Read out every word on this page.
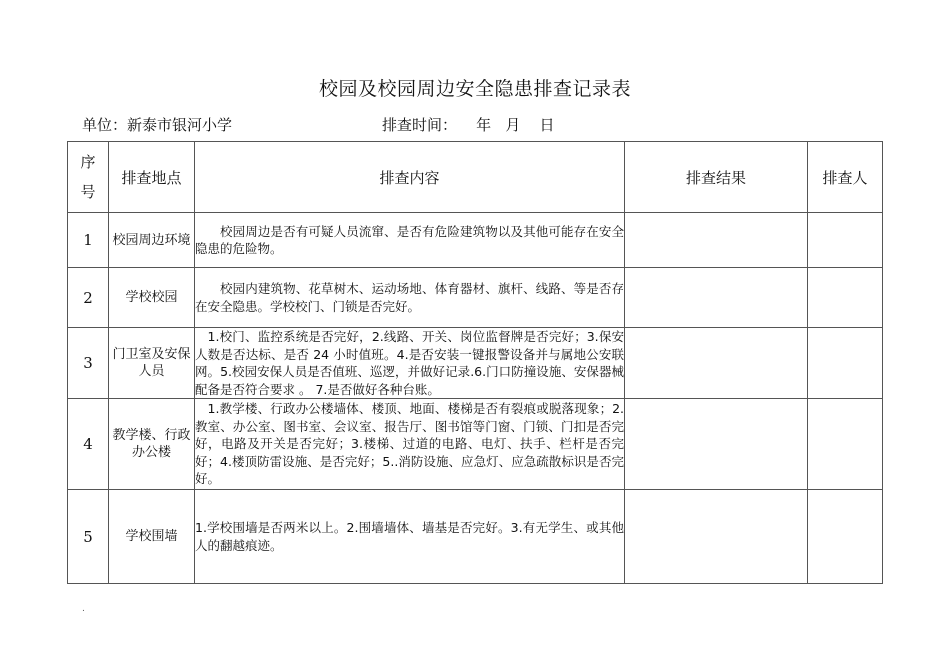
校园及校园周边安全隐患排查记录表
单位：新泰市银河小学	排查时间：    年   月    日
序
号	排查地点	排查内容	排查结果	排查人
1	校园周边环境	校园周边是否有可疑人员流窜、是否有危险建筑物以及其他可能存在安全隐患的危险物。		
2	学校校园	校园内建筑物、花草树木、运动场地、体育器材、旗杆、线路、等是否存在安全隐患。学校校门、门锁是否完好。		
3	门卫室及安保人员	1.校门、监控系统是否完好，2.线路、开关、岗位监督牌是否完好；3.保安人数是否达标、是否 24 小时值班。4.是否安装一键报警设备并与属地公安联网。5.校园安保人员是否值班、巡逻，并做好记录.6.门口防撞设施、安保器械配备是否符合要求 。 7.是否做好各种台账。		
4	教学楼、行政办公楼	1.教学楼、行政办公楼墙体、楼顶、地面、楼梯是否有裂痕或脱落现象；2.教室、办公室、图书室、会议室、报告厅、图书馆等门窗、门锁、门扣是否完好，电路及开关是否完好；3.楼梯、过道的电路、电灯、扶手、栏杆是否完好；4.楼顶防雷设施、是否完好；5..消防设施、应急灯、应急疏散标识是否完好。		
5	学校围墙	1.学校围墙是否两米以上。2.围墙墙体、墙基是否完好。3.有无学生、或其他人的翻越痕迹。		
.
